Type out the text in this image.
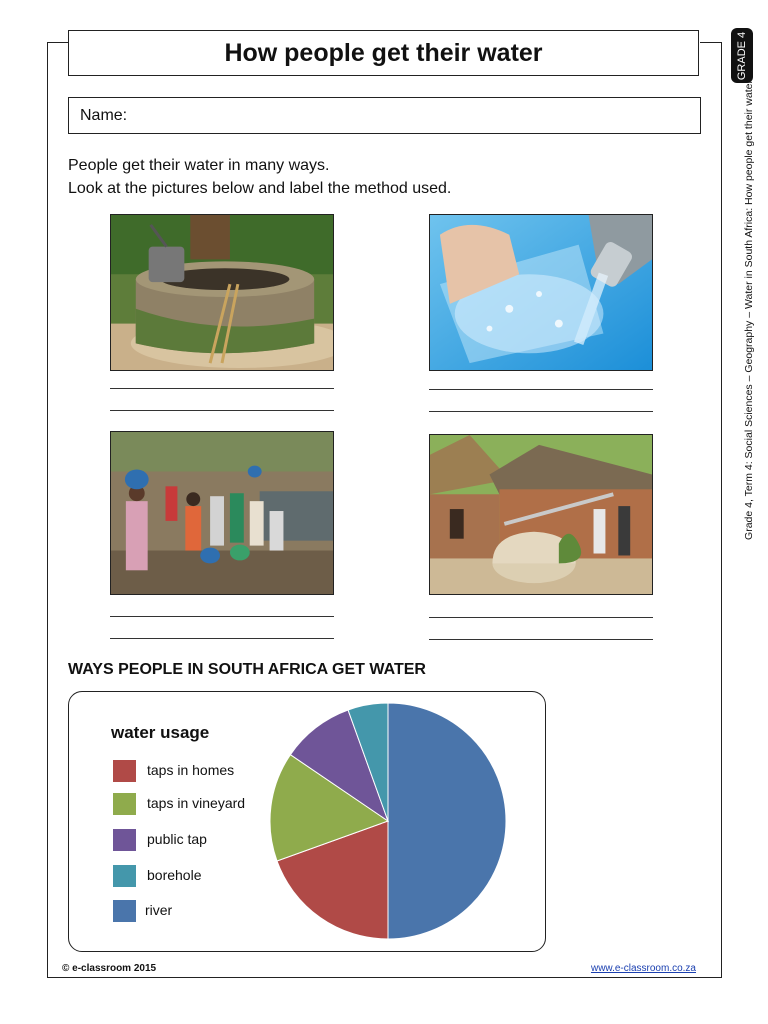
How people get their water
Name:
People get their water in many ways.
Look at the pictures below and label the method used.
WAYS PEOPLE IN SOUTH AFRICA GET WATER
water usage
taps in homes
taps in vineyard
public tap
borehole
river
GRADE 4
Grade 4, Term 4: Social Sciences – Geography – Water in South Africa: How people get their water
© e-classroom 2015	www.e-classroom.co.za
